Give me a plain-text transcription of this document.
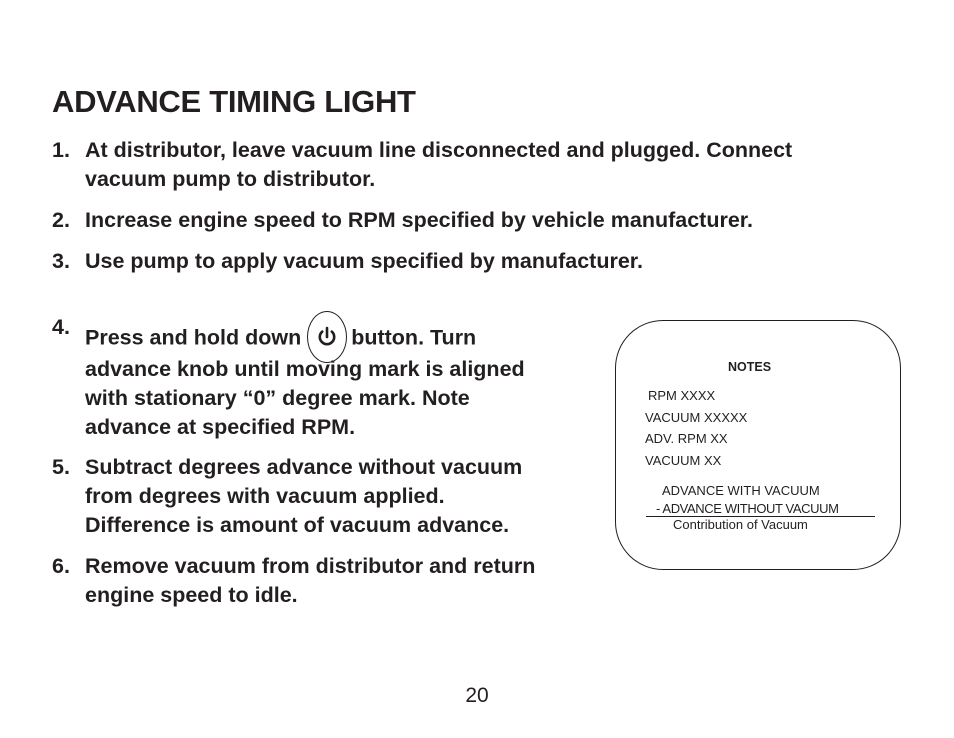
ADVANCE TIMING LIGHT
1. At distributor, leave vacuum line disconnected and plugged. Connect
vacuum pump to distributor.
2. Increase engine speed to RPM specified by vehicle manufacturer.
3. Use pump to apply vacuum specified by manufacturer.
4. Press and hold down button. Turn
advance knob until moving mark is aligned
with stationary “0” degree mark. Note
advance at specified RPM.
5. Subtract degrees advance without vacuum
from degrees with vacuum applied.
Difference is amount of vacuum advance.
6. Remove vacuum from distributor and return
engine speed to idle.
NOTES
RPM XXXX
VACUUM XXXXX
ADV. RPM XX
VACUUM XX
ADVANCE WITH VACUUM
- ADVANCE WITHOUT VACUUM
Contribution of Vacuum
20
